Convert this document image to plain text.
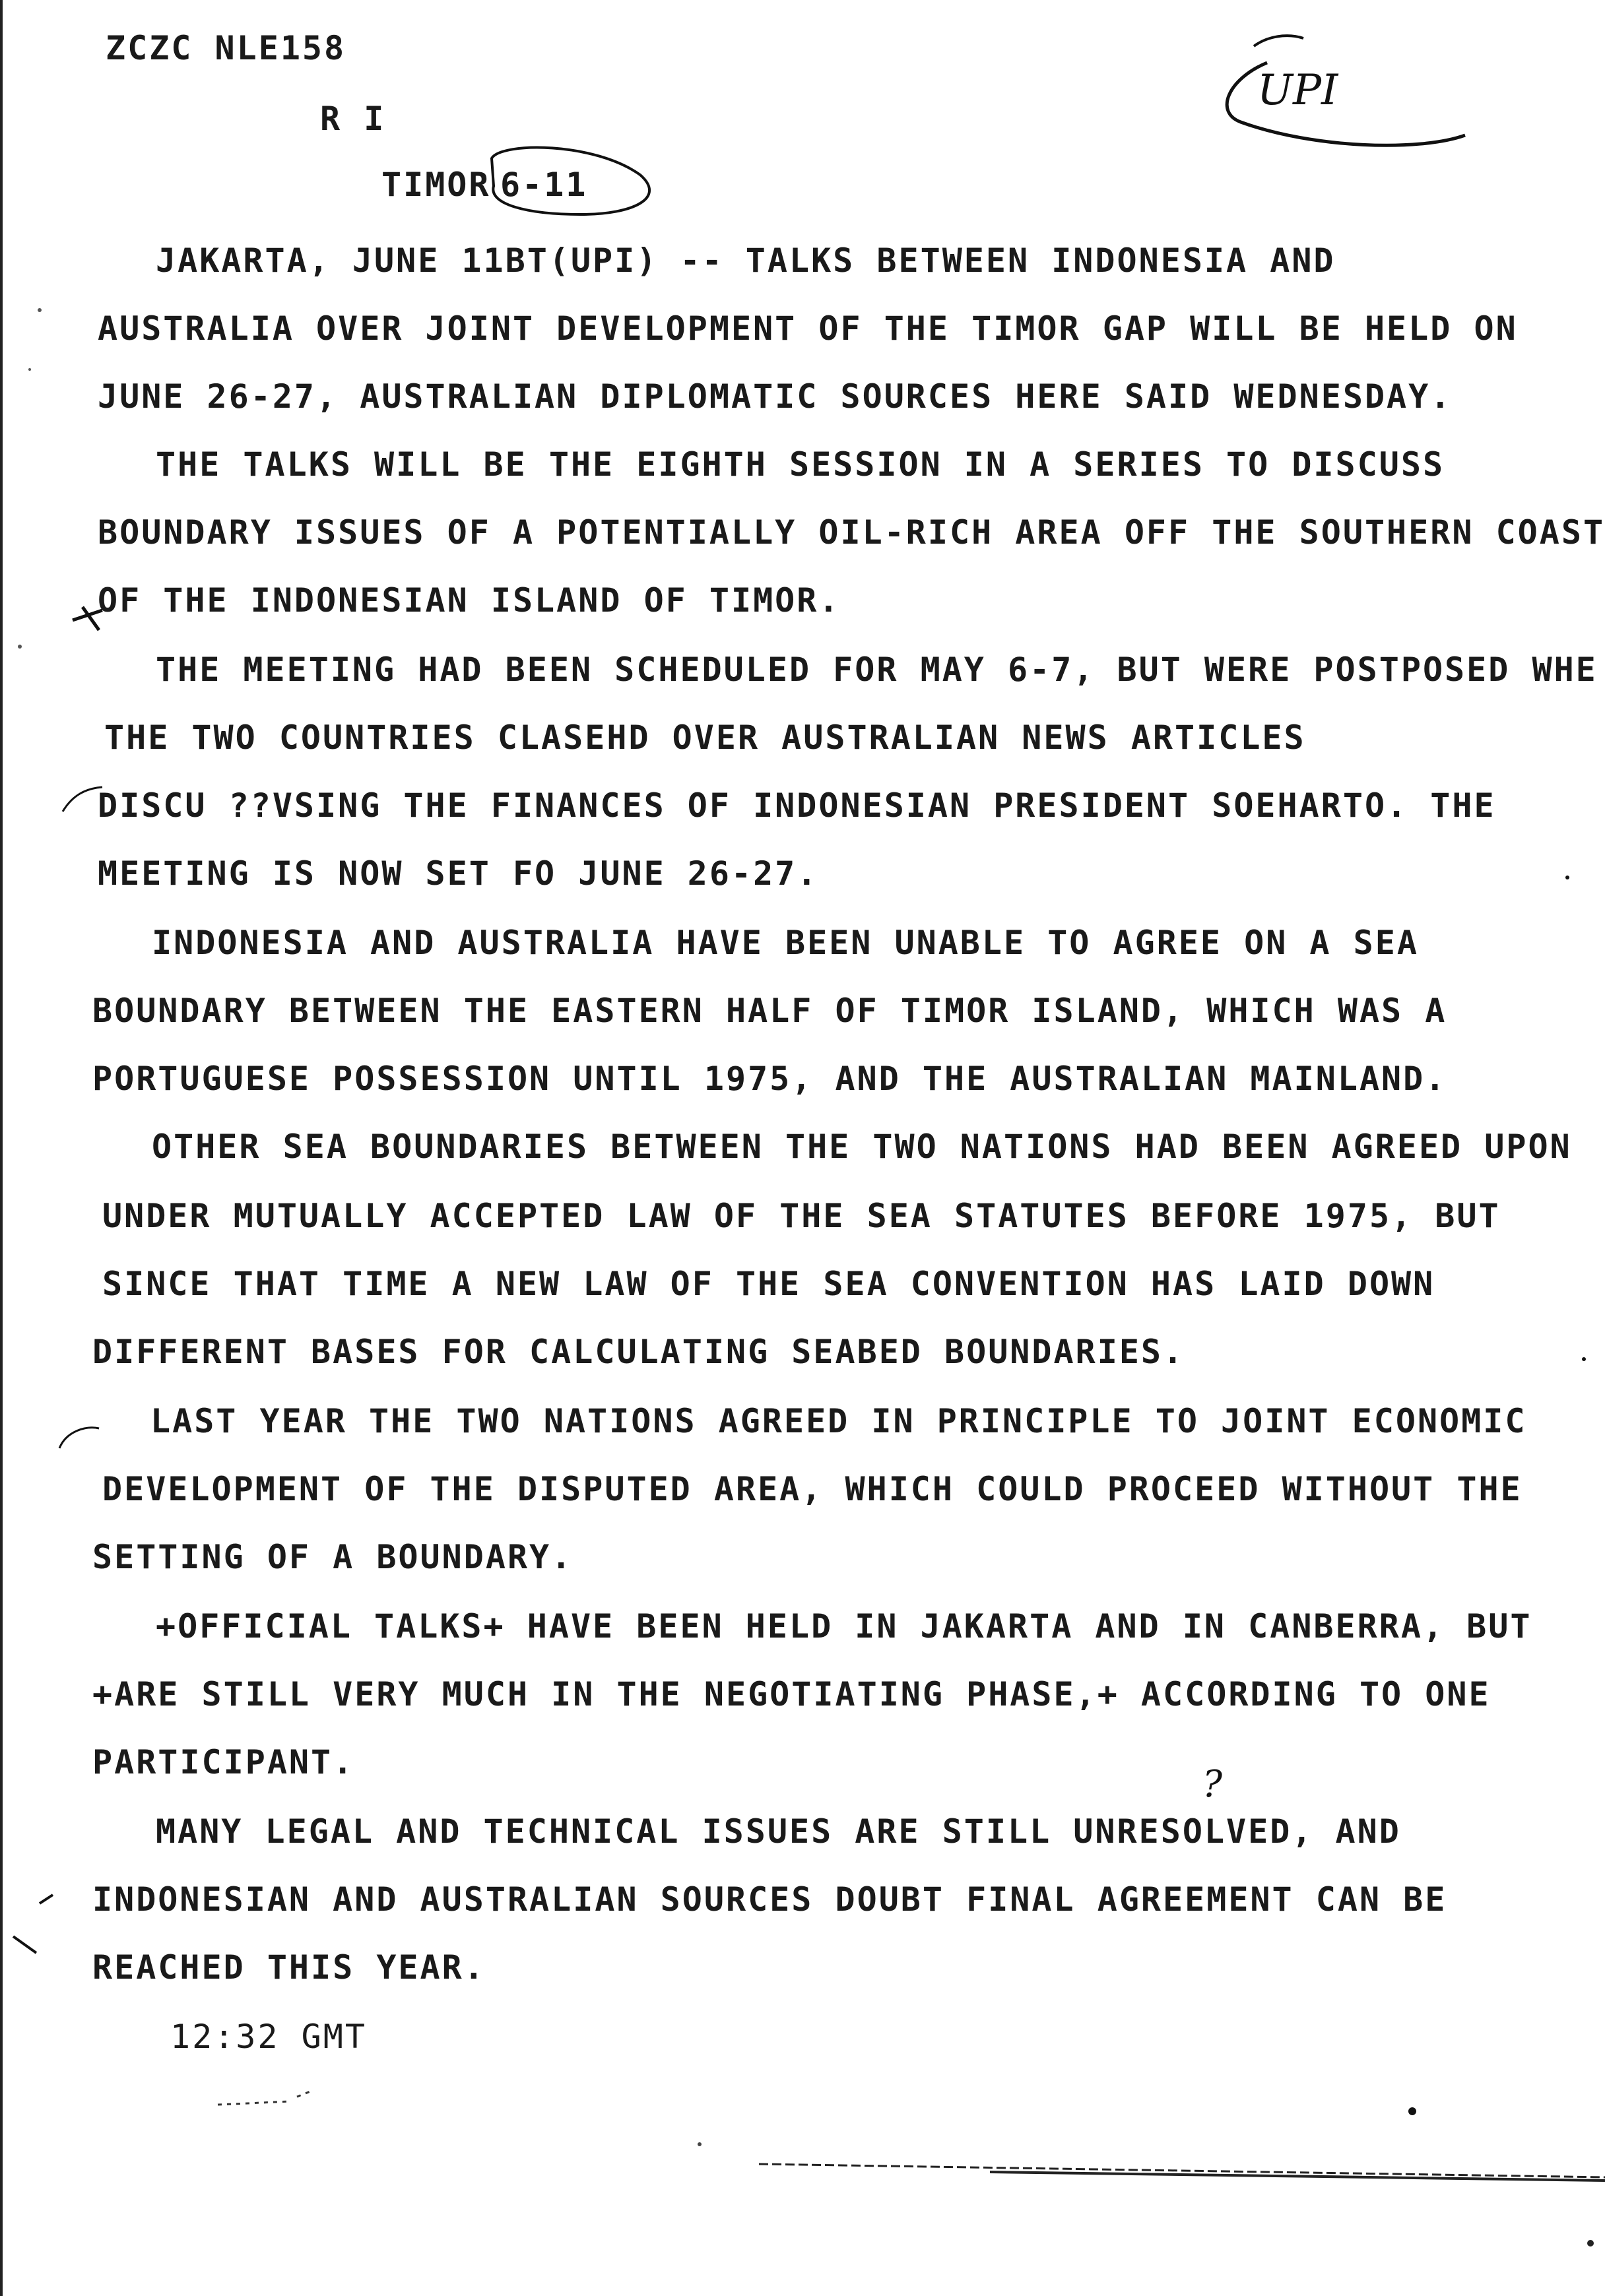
ZCZC NLE158
R I
TIMOR 6-11
UPI
JAKARTA, JUNE 11BT(UPI) -- TALKS BETWEEN INDONESIA AND
AUSTRALIA OVER JOINT DEVELOPMENT OF THE TIMOR GAP WILL BE HELD ON
JUNE 26-27, AUSTRALIAN DIPLOMATIC SOURCES HERE SAID WEDNESDAY.
THE TALKS WILL BE THE EIGHTH SESSION IN A SERIES TO DISCUSS
BOUNDARY ISSUES OF A POTENTIALLY OIL-RICH AREA OFF THE SOUTHERN COAST
OF THE INDONESIAN ISLAND OF TIMOR.
THE MEETING HAD BEEN SCHEDULED FOR MAY 6-7, BUT WERE POSTPOSED WHE
THE TWO COUNTRIES CLASEHD OVER AUSTRALIAN NEWS ARTICLES
DISCU ??VSING THE FINANCES OF INDONESIAN PRESIDENT SOEHARTO. THE
MEETING IS NOW SET FO JUNE 26-27.
INDONESIA AND AUSTRALIA HAVE BEEN UNABLE TO AGREE ON A SEA
BOUNDARY BETWEEN THE EASTERN HALF OF TIMOR ISLAND, WHICH WAS A
PORTUGUESE POSSESSION UNTIL 1975, AND THE AUSTRALIAN MAINLAND.
OTHER SEA BOUNDARIES BETWEEN THE TWO NATIONS HAD BEEN AGREED UPON
UNDER MUTUALLY ACCEPTED LAW OF THE SEA STATUTES BEFORE 1975, BUT
SINCE THAT TIME A NEW LAW OF THE SEA CONVENTION HAS LAID DOWN
DIFFERENT BASES FOR CALCULATING SEABED BOUNDARIES.
LAST YEAR THE TWO NATIONS AGREED IN PRINCIPLE TO JOINT ECONOMIC
DEVELOPMENT OF THE DISPUTED AREA, WHICH COULD PROCEED WITHOUT THE
SETTING OF A BOUNDARY.
+OFFICIAL TALKS+ HAVE BEEN HELD IN JAKARTA AND IN CANBERRA, BUT
+ARE STILL VERY MUCH IN THE NEGOTIATING PHASE,+ ACCORDING TO ONE
PARTICIPANT.
MANY LEGAL AND TECHNICAL ISSUES ARE STILL UNRESOLVED, AND
INDONESIAN AND AUSTRALIAN SOURCES DOUBT FINAL AGREEMENT CAN BE
REACHED THIS YEAR.
12:32 GMT
?
